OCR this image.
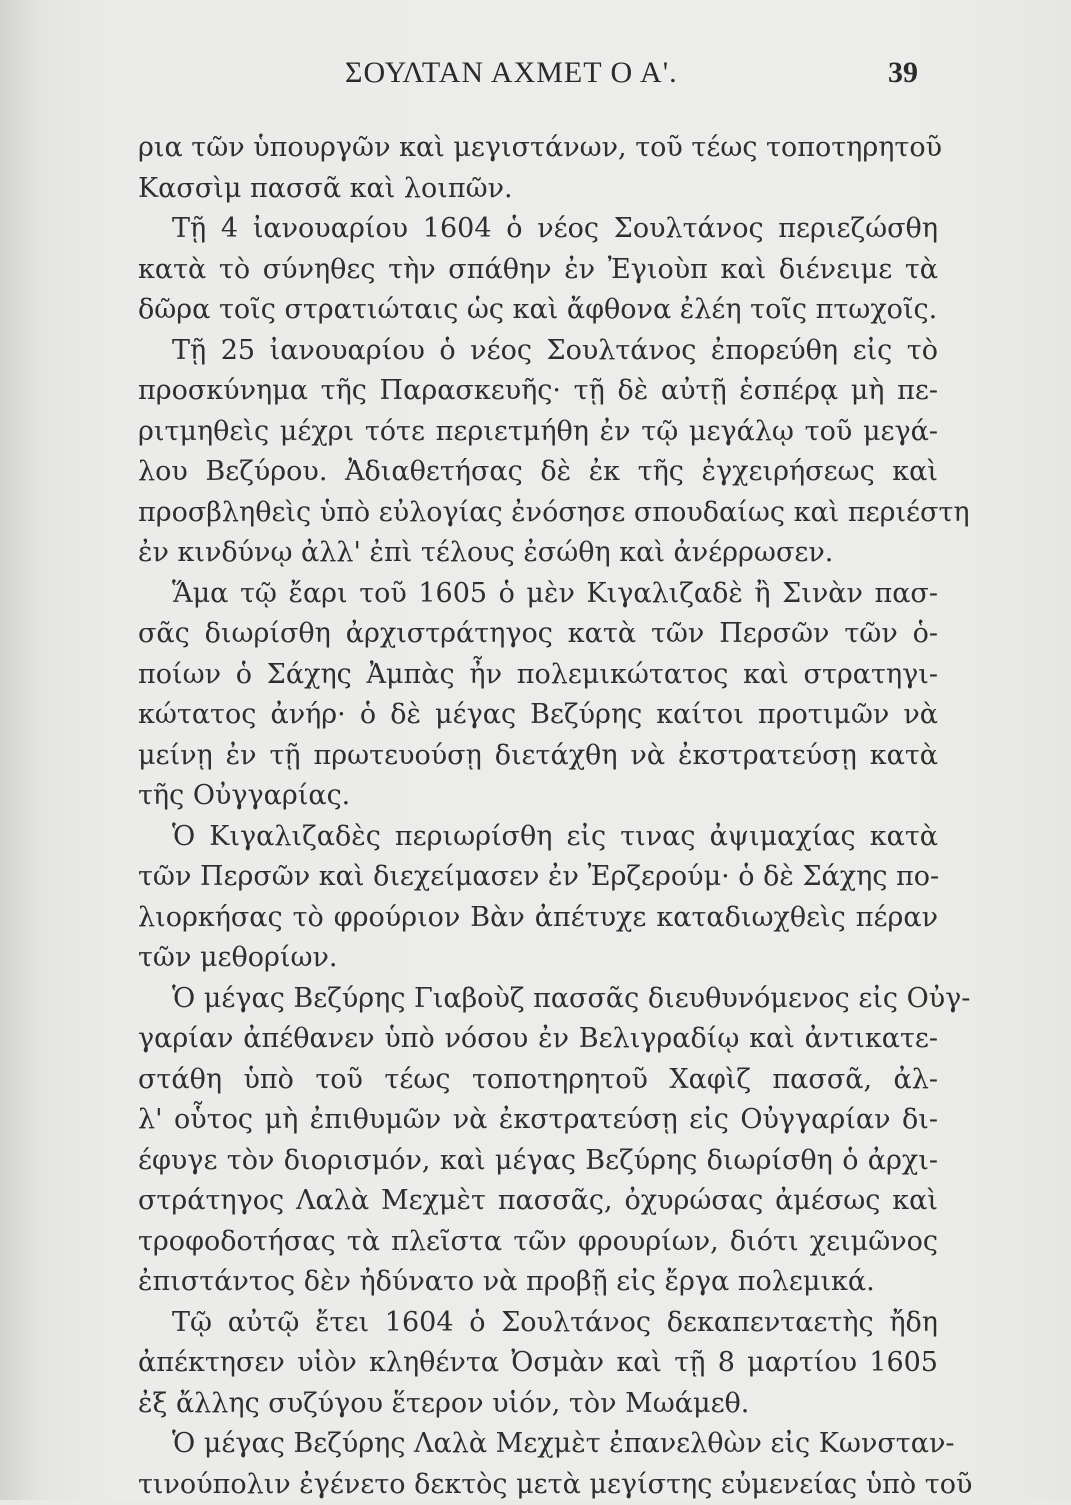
ΣΟΥΛΤΑΝ ΑΧΜΕΤ Ο Α'.	39
ρια τῶν ὑπουργῶν καὶ μεγιστάνων, τοῦ τέως τοποτηρητοῦ
Κασσὶμ πασσᾶ καὶ λοιπῶν.
Τῇ 4 ἰανουαρίου 1604 ὁ νέος Σουλτάνος περιεζώσθη
κατὰ τὸ σύνηθες τὴν σπάθην ἐν Ἐγιοὺπ καὶ διένειμε τὰ
δῶρα τοῖς στρατιώταις ὡς καὶ ἄφθονα ἐλέη τοῖς πτωχοῖς.
Τῇ 25 ἰανουαρίου ὁ νέος Σουλτάνος ἐπορεύθη εἰς τὸ
προσκύνημα τῆς Παρασκευῆς· τῇ δὲ αὐτῇ ἑσπέρᾳ μὴ πε-
ριτμηθεὶς μέχρι τότε περιετμήθη ἐν τῷ μεγάλῳ τοῦ μεγά-
λου Βεζύρου. Ἀδιαθετήσας δὲ ἐκ τῆς ἐγχειρήσεως καὶ
προσβληθεὶς ὑπὸ εὐλογίας ἐνόσησε σπουδαίως καὶ περιέστη
ἐν κινδύνῳ ἀλλ' ἐπὶ τέλους ἐσώθη καὶ ἀνέρρωσεν.
Ἅμα τῷ ἔαρι τοῦ 1605 ὁ μὲν Κιγαλιζαδὲ ἢ Σινὰν πασ-
σᾶς διωρίσθη ἀρχιστράτηγος κατὰ τῶν Περσῶν τῶν ὁ-
ποίων ὁ Σάχης Ἀμπὰς ἦν πολεμικώτατος καὶ στρατηγι-
κώτατος ἀνήρ· ὁ δὲ μέγας Βεζύρης καίτοι προτιμῶν νὰ
μείνῃ ἐν τῇ πρωτευούσῃ διετάχθη νὰ ἐκστρατεύσῃ κατὰ
τῆς Οὐγγαρίας.
Ὁ Κιγαλιζαδὲς περιωρίσθη εἰς τινας ἀψιμαχίας κατὰ
τῶν Περσῶν καὶ διεχείμασεν ἐν Ἐρζερούμ· ὁ δὲ Σάχης πο-
λιορκήσας τὸ φρούριον Βὰν ἀπέτυχε καταδιωχθεὶς πέραν
τῶν μεθορίων.
Ὁ μέγας Βεζύρης Γιαβοὺζ πασσᾶς διευθυνόμενος εἰς Οὐγ-
γαρίαν ἀπέθανεν ὑπὸ νόσου ἐν Βελιγραδίῳ καὶ ἀντικατε-
στάθη ὑπὸ τοῦ τέως τοποτηρητοῦ Χαφὶζ πασσᾶ, ἀλ-
λ' οὗτος μὴ ἐπιθυμῶν νὰ ἐκστρατεύσῃ εἰς Οὐγγαρίαν δι-
έφυγε τὸν διορισμόν, καὶ μέγας Βεζύρης διωρίσθη ὁ ἀρχι-
στράτηγος Λαλὰ Μεχμὲτ πασσᾶς, ὀχυρώσας ἀμέσως καὶ
τροφοδοτήσας τὰ πλεῖστα τῶν φρουρίων, διότι χειμῶνος
ἐπιστάντος δὲν ἠδύνατο νὰ προβῇ εἰς ἔργα πολεμικά.
Τῷ αὐτῷ ἔτει 1604 ὁ Σουλτάνος δεκαπενταετὴς ἤδη
ἀπέκτησεν υἱὸν κληθέντα Ὀσμὰν καὶ τῇ 8 μαρτίου 1605
ἐξ ἄλλης συζύγου ἕτερον υἱόν, τὸν Μωάμεθ.
Ὁ μέγας Βεζύρης Λαλὰ Μεχμὲτ ἐπανελθὼν εἰς Κωνσταν-
τινούπολιν ἐγένετο δεκτὸς μετὰ μεγίστης εὐμενείας ὑπὸ τοῦ
